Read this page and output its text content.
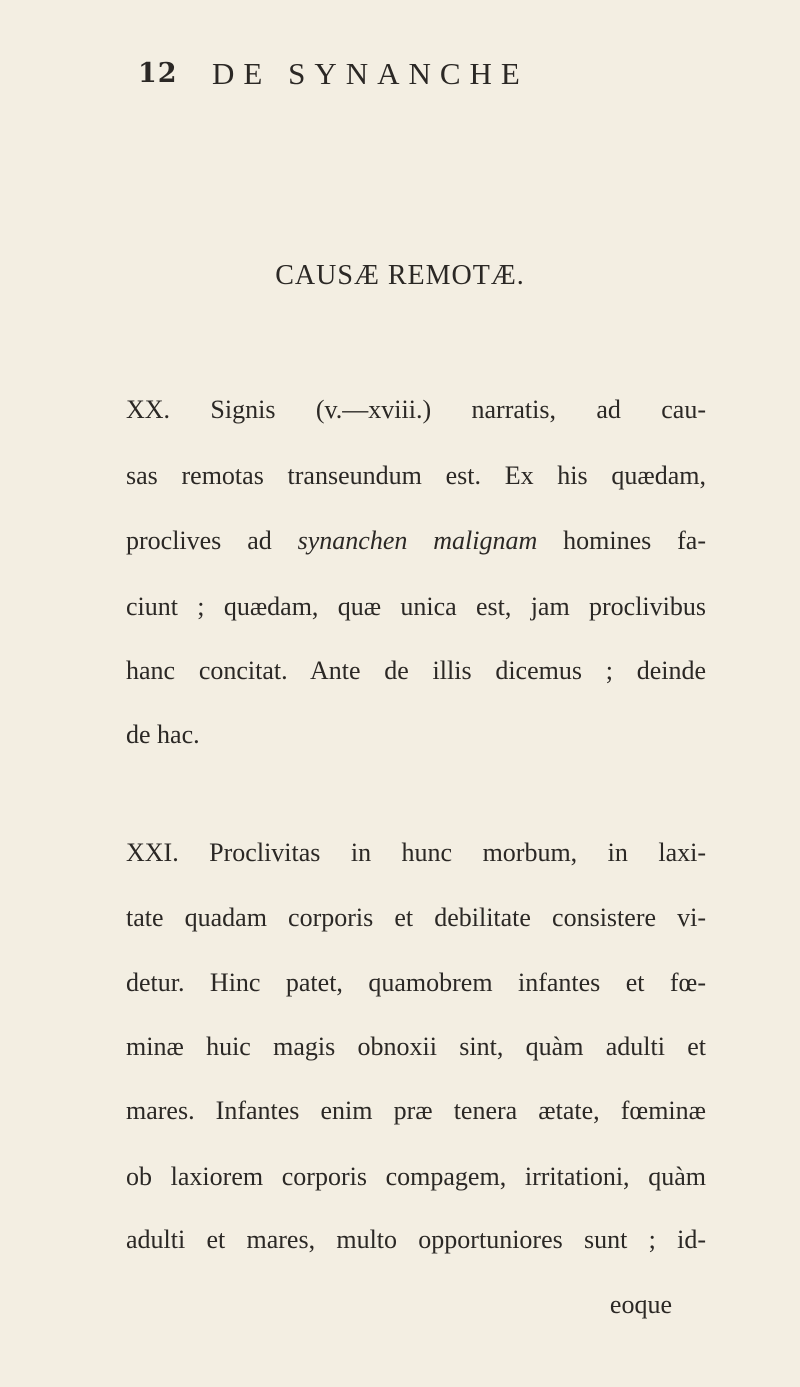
12 DE SYNANCHE
CAUSÆ REMOTÆ.
XX. Signis (v.—xviii.) narratis, ad cau-
sas remotas transeundum est. Ex his quædam,
proclives ad synanchen malignam homines fa-
ciunt ; quædam, quæ unica est, jam proclivibus
hanc concitat. Ante de illis dicemus ; deinde
de hac.
XXI. Proclivitas in hunc morbum, in laxi-
tate quadam corporis et debilitate consistere vi-
detur. Hinc patet, quamobrem infantes et fœ-
minæ huic magis obnoxii sint, quàm adulti et
mares. Infantes enim præ tenera ætate, fœminæ
ob laxiorem corporis compagem, irritationi, quàm
adulti et mares, multo opportuniores sunt ; id-
eoque
